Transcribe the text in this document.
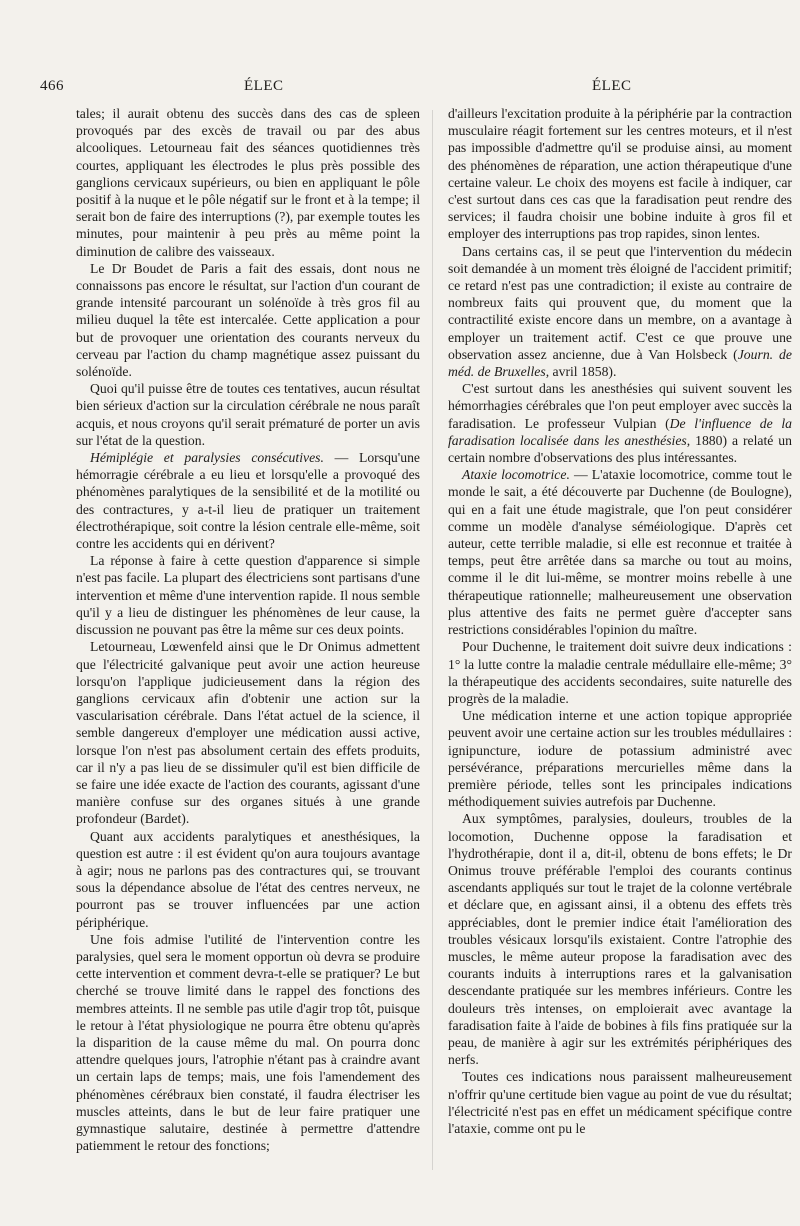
466	ÉLEC	ÉLEC

tales; il aurait obtenu des succès dans des cas de spleen provoqués par des excès de travail ou par des abus alcooliques. Letourneau fait des séances quotidiennes très courtes, appliquant les électrodes le plus près possible des ganglions cervicaux supérieurs, ou bien en appliquant le pôle positif à la nuque et le pôle négatif sur le front et à la tempe; il serait bon de faire des interruptions (?), par exemple toutes les minutes, pour maintenir à peu près au même point la diminution de calibre des vaisseaux.

Le Dr Boudet de Paris a fait des essais, dont nous ne connaissons pas encore le résultat, sur l'action d'un courant de grande intensité parcourant un solénoïde à très gros fil au milieu duquel la tête est intercalée. Cette application a pour but de provoquer une orientation des courants nerveux du cerveau par l'action du champ magnétique assez puissant du solénoïde.

Quoi qu'il puisse être de toutes ces tentatives, aucun résultat bien sérieux d'action sur la circulation cérébrale ne nous paraît acquis, et nous croyons qu'il serait prématuré de porter un avis sur l'état de la question.

Hémiplégie et paralysies consécutives. — Lorsqu'une hémorragie cérébrale a eu lieu et lorsqu'elle a provoqué des phénomènes paralytiques de la sensibilité et de la motilité ou des contractures, y a-t-il lieu de pratiquer un traitement électrothérapique, soit contre la lésion centrale elle-même, soit contre les accidents qui en dérivent?

La réponse à faire à cette question d'apparence si simple n'est pas facile. La plupart des électriciens sont partisans d'une intervention et même d'une intervention rapide. Il nous semble qu'il y a lieu de distinguer les phénomènes de leur cause, la discussion ne pouvant pas être la même sur ces deux points.

Letourneau, Lœwenfeld ainsi que le Dr Onimus admettent que l'électricité galvanique peut avoir une action heureuse lorsqu'on l'applique judicieusement dans la région des ganglions cervicaux afin d'obtenir une action sur la vascularisation cérébrale. Dans l'état actuel de la science, il semble dangereux d'employer une médication aussi active, lorsque l'on n'est pas absolument certain des effets produits, car il n'y a pas lieu de se dissimuler qu'il est bien difficile de se faire une idée exacte de l'action des courants, agissant d'une manière confuse sur des organes situés à une grande profondeur (Bardet).

Quant aux accidents paralytiques et anesthésiques, la question est autre : il est évident qu'on aura toujours avantage à agir; nous ne parlons pas des contractures qui, se trouvant sous la dépendance absolue de l'état des centres nerveux, ne pourront pas se trouver influencées par une action périphérique.

Une fois admise l'utilité de l'intervention contre les paralysies, quel sera le moment opportun où devra se produire cette intervention et comment devra-t-elle se pratiquer? Le but cherché se trouve limité dans le rappel des fonctions des membres atteints. Il ne semble pas utile d'agir trop tôt, puisque le retour à l'état physiologique ne pourra être obtenu qu'après la disparition de la cause même du mal. On pourra donc attendre quelques jours, l'atrophie n'étant pas à craindre avant un certain laps de temps; mais, une fois l'amendement des phénomènes cérébraux bien constaté, il faudra électriser les muscles atteints, dans le but de leur faire pratiquer une gymnastique salutaire, destinée à permettre d'attendre patiemment le retour des fonctions;

d'ailleurs l'excitation produite à la périphérie par la contraction musculaire réagit fortement sur les centres moteurs, et il n'est pas impossible d'admettre qu'il se produise ainsi, au moment des phénomènes de réparation, une action thérapeutique d'une certaine valeur. Le choix des moyens est facile à indiquer, car c'est surtout dans ces cas que la faradisation peut rendre des services; il faudra choisir une bobine induite à gros fil et employer des interruptions pas trop rapides, sinon lentes.

Dans certains cas, il se peut que l'intervention du médecin soit demandée à un moment très éloigné de l'accident primitif; ce retard n'est pas une contradiction; il existe au contraire de nombreux faits qui prouvent que, du moment que la contractilité existe encore dans un membre, on a avantage à employer un traitement actif. C'est ce que prouve une observation assez ancienne, due à Van Holsbeck (Journ. de méd. de Bruxelles, avril 1858).

C'est surtout dans les anesthésies qui suivent souvent les hémorrhagies cérébrales que l'on peut employer avec succès la faradisation. Le professeur Vulpian (De l'influence de la faradisation localisée dans les anesthésies, 1880) a relaté un certain nombre d'observations des plus intéressantes.

Ataxie locomotrice. — L'ataxie locomotrice, comme tout le monde le sait, a été découverte par Duchenne (de Boulogne), qui en a fait une étude magistrale, que l'on peut considérer comme un modèle d'analyse séméiologique. D'après cet auteur, cette terrible maladie, si elle est reconnue et traitée à temps, peut être arrêtée dans sa marche ou tout au moins, comme il le dit lui-même, se montrer moins rebelle à une thérapeutique rationnelle; malheureusement une observation plus attentive des faits ne permet guère d'accepter sans restrictions considérables l'opinion du maître.

Pour Duchenne, le traitement doit suivre deux indications : 1° la lutte contre la maladie centrale médullaire elle-même; 3° la thérapeutique des accidents secondaires, suite naturelle des progrès de la maladie.

Une médication interne et une action topique appropriée peuvent avoir une certaine action sur les troubles médullaires : ignipuncture, iodure de potassium administré avec persévérance, préparations mercurielles même dans la première période, telles sont les principales indications méthodiquement suivies autrefois par Duchenne.

Aux symptômes, paralysies, douleurs, troubles de la locomotion, Duchenne oppose la faradisation et l'hydrothérapie, dont il a, dit-il, obtenu de bons effets; le Dr Onimus trouve préférable l'emploi des courants continus ascendants appliqués sur tout le trajet de la colonne vertébrale et déclare que, en agissant ainsi, il a obtenu des effets très appréciables, dont le premier indice était l'amélioration des troubles vésicaux lorsqu'ils existaient. Contre l'atrophie des muscles, le même auteur propose la faradisation avec des courants induits à interruptions rares et la galvanisation descendante pratiquée sur les membres inférieurs. Contre les douleurs très intenses, on emploierait avec avantage la faradisation faite à l'aide de bobines à fils fins pratiquée sur la peau, de manière à agir sur les extrémités périphériques des nerfs.

Toutes ces indications nous paraissent malheureusement n'offrir qu'une certitude bien vague au point de vue du résultat; l'électricité n'est pas en effet un médicament spécifique contre l'ataxie, comme ont pu le
